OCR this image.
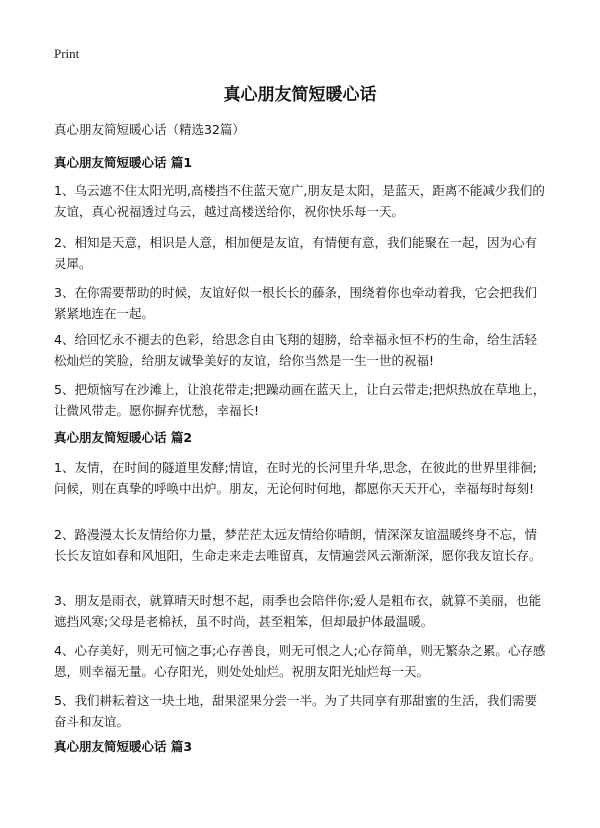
Print
真心朋友简短暖心话

真心朋友简短暖心话（精选32篇）

真心朋友简短暖心话 篇1

1、乌云遮不住太阳光明,高楼挡不住蓝天宽广,朋友是太阳，是蓝天，距离不能减少我们的友谊，真心祝福透过乌云，越过高楼送给你，祝你快乐每一天。

2、相知是天意，相识是人意，相加便是友谊，有情便有意，我们能聚在一起，因为心有灵犀。

3、在你需要帮助的时候，友谊好似一根长长的藤条，围绕着你也牵动着我，它会把我们紧紧地连在一起。

4、给回忆永不褪去的色彩，给思念自由飞翔的翅膀，给幸福永恒不朽的生命，给生活轻松灿烂的笑脸，给朋友诚挚美好的友谊，给你当然是一生一世的祝福!

5、把烦恼写在沙滩上，让浪花带走;把躁动画在蓝天上，让白云带走;把炽热放在草地上，让微风带走。愿你摒弃忧愁，幸福长!

真心朋友简短暖心话 篇2

1、友情，在时间的隧道里发酵;情谊，在时光的长河里升华,思念，在彼此的世界里徘徊;问候，则在真挚的呼唤中出炉。朋友，无论何时何地，都愿你天天开心，幸福每时每刻!

2、路漫漫太长友情给你力量，梦茫茫太远友情给你晴朗，情深深友谊温暖终身不忘，情长长友谊如春和风旭阳，生命走来走去唯留真，友情遍尝风云渐渐深，愿你我友谊长存。

3、朋友是雨衣，就算晴天时想不起，雨季也会陪伴你;爱人是粗布衣，就算不美丽，也能遮挡风寒;父母是老棉袄，虽不时尚，甚至粗笨，但却最护体最温暖。

4、心存美好，则无可恼之事;心存善良，则无可恨之人;心存简单，则无繁杂之累。心存感恩，则幸福无量。心存阳光，则处处灿烂。祝朋友阳光灿烂每一天。

5、我们耕耘着这一块土地，甜果涩果分尝一半。为了共同享有那甜蜜的生活，我们需要奋斗和友谊。

真心朋友简短暖心话 篇3
